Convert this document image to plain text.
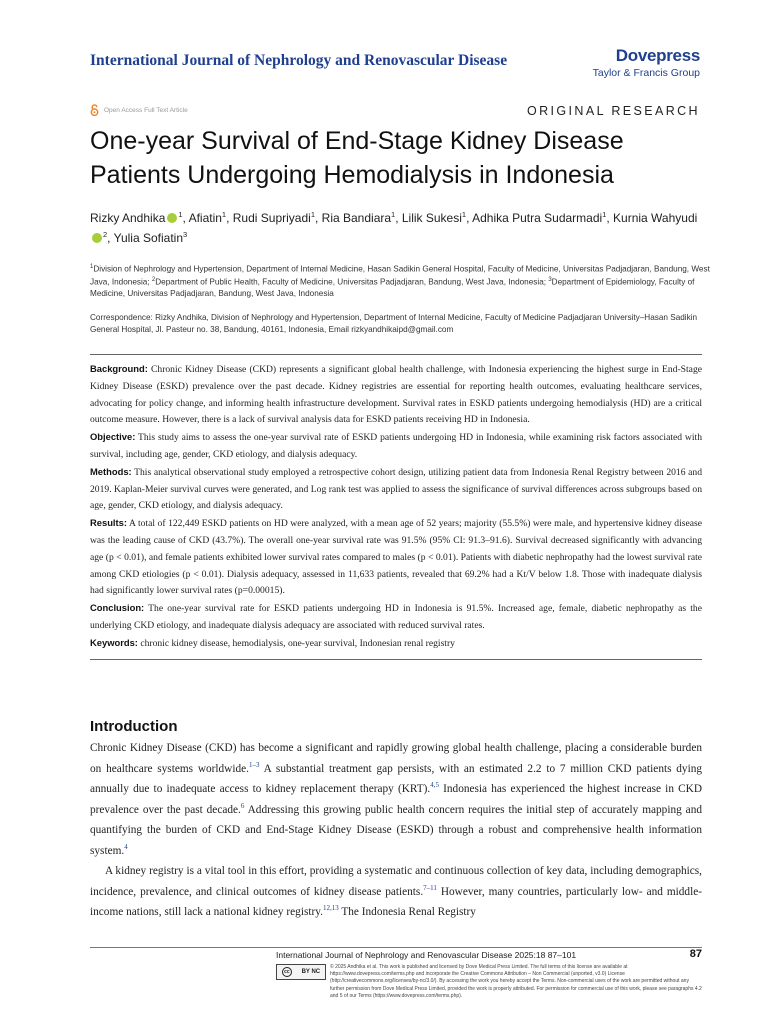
International Journal of Nephrology and Renovascular Disease	Dovepress
Taylor & Francis Group
Open Access Full Text Article	ORIGINAL RESEARCH
One-year Survival of End-Stage Kidney Disease Patients Undergoing Hemodialysis in Indonesia
Rizky Andhika $^1$, Afiatin$^1$, Rudi Supriyadi$^1$, Ria Bandiara$^1$, Lilik Sukesi$^1$, Adhika Putra Sudarmadi$^1$, Kurnia Wahyudi$^2$, Yulia Sofiatin$^3$
$^1$Division of Nephrology and Hypertension, Department of Internal Medicine, Hasan Sadikin General Hospital, Faculty of Medicine, Universitas Padjadjaran, Bandung, West Java, Indonesia; $^2$Department of Public Health, Faculty of Medicine, Universitas Padjadjaran, Bandung, West Java, Indonesia; $^3$Department of Epidemiology, Faculty of Medicine, Universitas Padjadjaran, Bandung, West Java, Indonesia
Correspondence: Rizky Andhika, Division of Nephrology and Hypertension, Department of Internal Medicine, Faculty of Medicine Padjadjaran University–Hasan Sadikin General Hospital, Jl. Pasteur no. 38, Bandung, 40161, Indonesia, Email rizkyandhikaipd@gmail.com

Background: Chronic Kidney Disease (CKD) represents a significant global health challenge, with Indonesia experiencing the highest surge in End-Stage Kidney Disease (ESKD) prevalence over the past decade. Kidney registries are essential for reporting health outcomes, evaluating healthcare services, advocating for policy change, and informing health infrastructure development. Survival rates in ESKD patients undergoing hemodialysis (HD) are a critical outcome measure. However, there is a lack of survival analysis data for ESKD patients receiving HD in Indonesia.

Objective: This study aims to assess the one-year survival rate of ESKD patients undergoing HD in Indonesia, while examining risk factors associated with survival, including age, gender, CKD etiology, and dialysis adequacy.

Methods: This analytical observational study employed a retrospective cohort design, utilizing patient data from Indonesia Renal Registry between 2016 and 2019. Kaplan-Meier survival curves were generated, and Log rank test was applied to assess the significance of survival differences across subgroups based on age, gender, CKD etiology, and dialysis adequacy.

Results: A total of 122,449 ESKD patients on HD were analyzed, with a mean age of 52 years; majority (55.5%) were male, and hypertensive kidney disease was the leading cause of CKD (43.7%). The overall one-year survival rate was 91.5% (95% CI: 91.3–91.6). Survival decreased significantly with advancing age (p < 0.01), and female patients exhibited lower survival rates compared to males (p < 0.01). Patients with diabetic nephropathy had the lowest survival rate among CKD etiologies (p < 0.01). Dialysis adequacy, assessed in 11,633 patients, revealed that 69.2% had a Kt/V below 1.8. Those with inadequate dialysis had significantly lower survival rates (p=0.00015).

Conclusion: The one-year survival rate for ESKD patients undergoing HD in Indonesia is 91.5%. Increased age, female, diabetic nephropathy as the underlying CKD etiology, and inadequate dialysis adequacy are associated with reduced survival rates.

Keywords: chronic kidney disease, hemodialysis, one-year survival, Indonesian renal registry

Introduction

Chronic Kidney Disease (CKD) has become a significant and rapidly growing global health challenge, placing a considerable burden on healthcare systems worldwide.$^{1-3}$ A substantial treatment gap persists, with an estimated 2.2 to 7 million CKD patients dying annually due to inadequate access to kidney replacement therapy (KRT).$^{4,5}$ Indonesia has experienced the highest increase in CKD prevalence over the past decade.$^6$ Addressing this growing public health concern requires the initial step of accurately mapping and quantifying the burden of CKD and End-Stage Kidney Disease (ESKD) through a robust and comprehensive health information system.$^4$

A kidney registry is a vital tool in this effort, providing a systematic and continuous collection of key data, including demographics, incidence, prevalence, and clinical outcomes of kidney disease patients.$^{7-11}$ However, many countries, particularly low- and middle-income nations, still lack a national kidney registry.$^{12,13}$ The Indonesia Renal Registry

International Journal of Nephrology and Renovascular Disease 2025:18 87–101	87
cc	BY NC
© 2025 Andhika et al. This work is published and licensed by Dove Medical Press Limited. The full terms of this license are available at https://www.dovepress.com/terms.php and incorporate the Creative Commons Attribution – Non Commercial (unported, v3.0) License (http://creativecommons.org/licenses/by-nc/3.0/). By accessing the work you hereby accept the Terms. Non-commercial uses of the work are permitted without any further permission from Dove Medical Press Limited, provided the work is properly attributed. For permission for commercial use of this work, please see paragraphs 4.2 and 5 of our Terms (https://www.dovepress.com/terms.php).
